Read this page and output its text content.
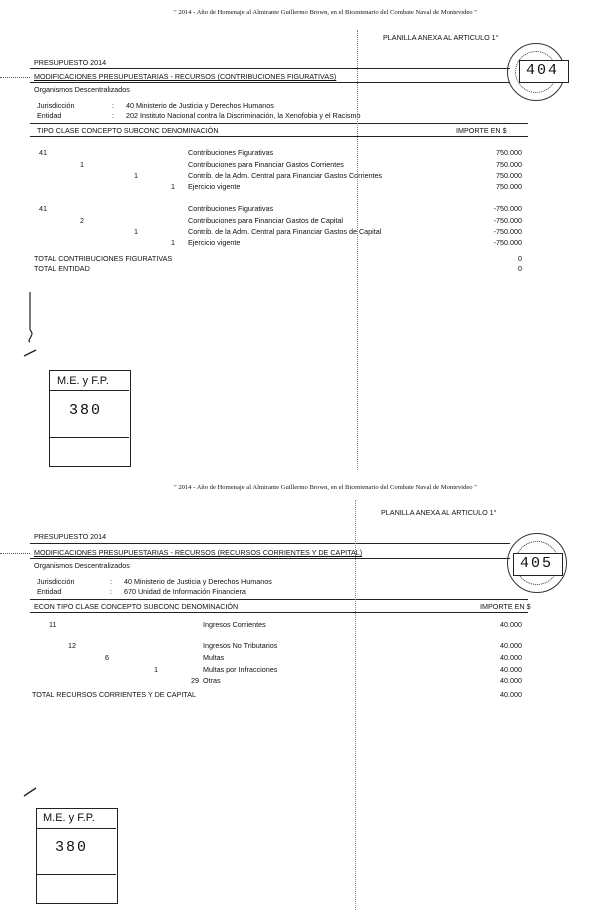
" 2014 - Año de Homenaje al Almirante Guillermo Brown, en el Bicentenario del Combate Naval de Montevideo "
PLANILLA ANEXA AL ARTICULO 1°
404
PRESUPUESTO 2014
MODIFICACIONES PRESUPUESTARIAS - RECURSOS (CONTRIBUCIONES FIGURATIVAS)
Organismos Descentralizados
Jurisdicción	: 40 Ministerio de Justicia y Derechos Humanos
Entidad	: 202 Instituto Nacional contra la Discriminación, la Xenofobia y el Racismo
TIPO CLASE CONCEPTO SUBCONC DENOMINACIÓN	IMPORTE EN $
41	Contribuciones Figurativas	750.000
1	Contribuciones para Financiar Gastos Corrientes	750.000
1	Contrib. de la Adm. Central para Financiar Gastos Corrientes	750.000
1 Ejercicio vigente	750.000
41	Contribuciones Figurativas	-750.000
2	Contribuciones para Financiar Gastos de Capital	-750.000
1	Contrib. de la Adm. Central para Financiar Gastos de Capital	-750.000
1 Ejercicio vigente	-750.000
TOTAL CONTRIBUCIONES FIGURATIVAS	0
TOTAL ENTIDAD	0
M.E. y F.P.
380
" 2014 - Año de Homenaje al Almirante Guillermo Brown, en el Bicentenario del Combate Naval de Montevideo "
PLANILLA ANEXA AL ARTICULO 1°
405
PRESUPUESTO 2014
MODIFICACIONES PRESUPUESTARIAS - RECURSOS (RECURSOS CORRIENTES Y DE CAPITAL)
Organismos Descentralizados
Jurisdicción	: 40 Ministerio de Justicia y Derechos Humanos
Entidad	: 670 Unidad de Información Financiera
ECON TIPO CLASE CONCEPTO SUBCONC DENOMINACIÓN	IMPORTE EN $
11	Ingresos Corrientes	40.000
12	Ingresos No Tributarios	40.000
6	Multas	40.000
1	Multas por Infracciones	40.000
29 Otras	40.000
TOTAL RECURSOS CORRIENTES Y DE CAPITAL	40.000
M.E. y F.P.
380
